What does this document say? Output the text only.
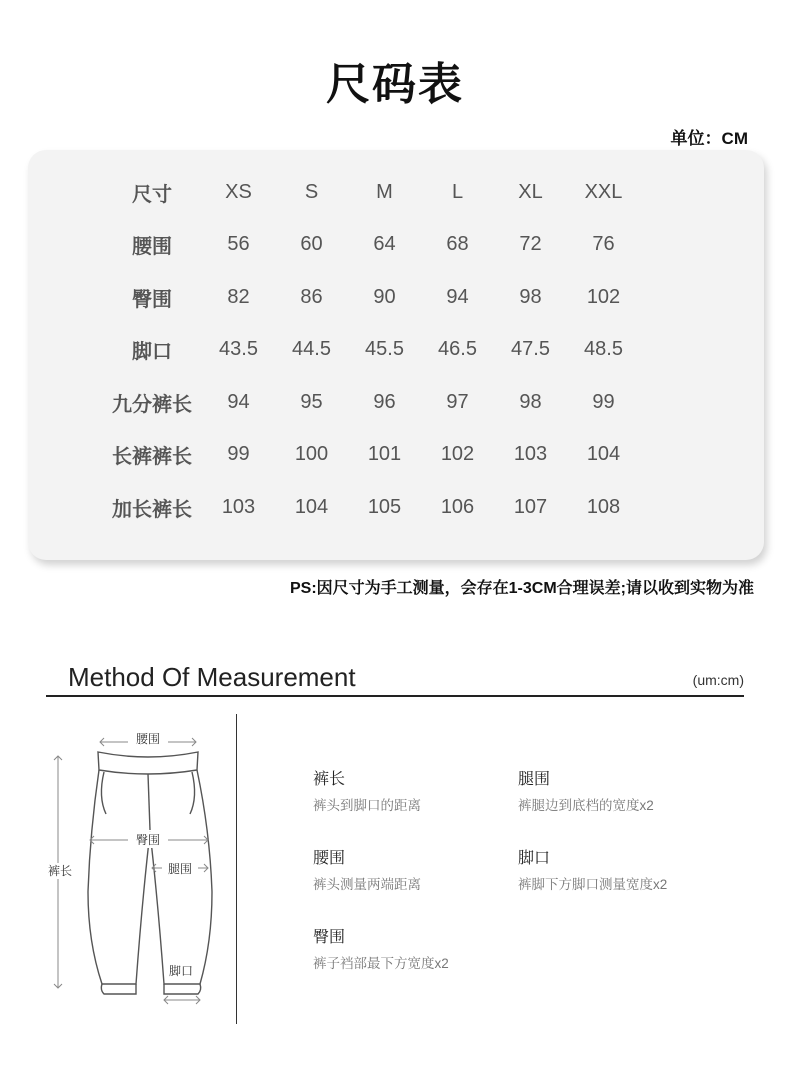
尺码表
单位：CM
尺寸	XS	S	M	L	XL	XXL
腰围	56	60	64	68	72	76
臀围	82	86	90	94	98	102
脚口	43.5	44.5	45.5	46.5	47.5	48.5
九分裤长	94	95	96	97	98	99
长裤裤长	99	100	101	102	103	104
加长裤长	103	104	105	106	107	108
PS:因尺寸为手工测量，会存在1-3CM合理误差;请以收到实物为准
Method Of Measurement	(um:cm)
腰围
臀围
腿围
裤长
脚口
裤长
裤头到脚口的距离
腿围
裤腿边到底档的宽度x2
腰围
裤头测量两端距离
脚口
裤脚下方脚口测量宽度x2
臀围
裤子裆部最下方宽度x2
